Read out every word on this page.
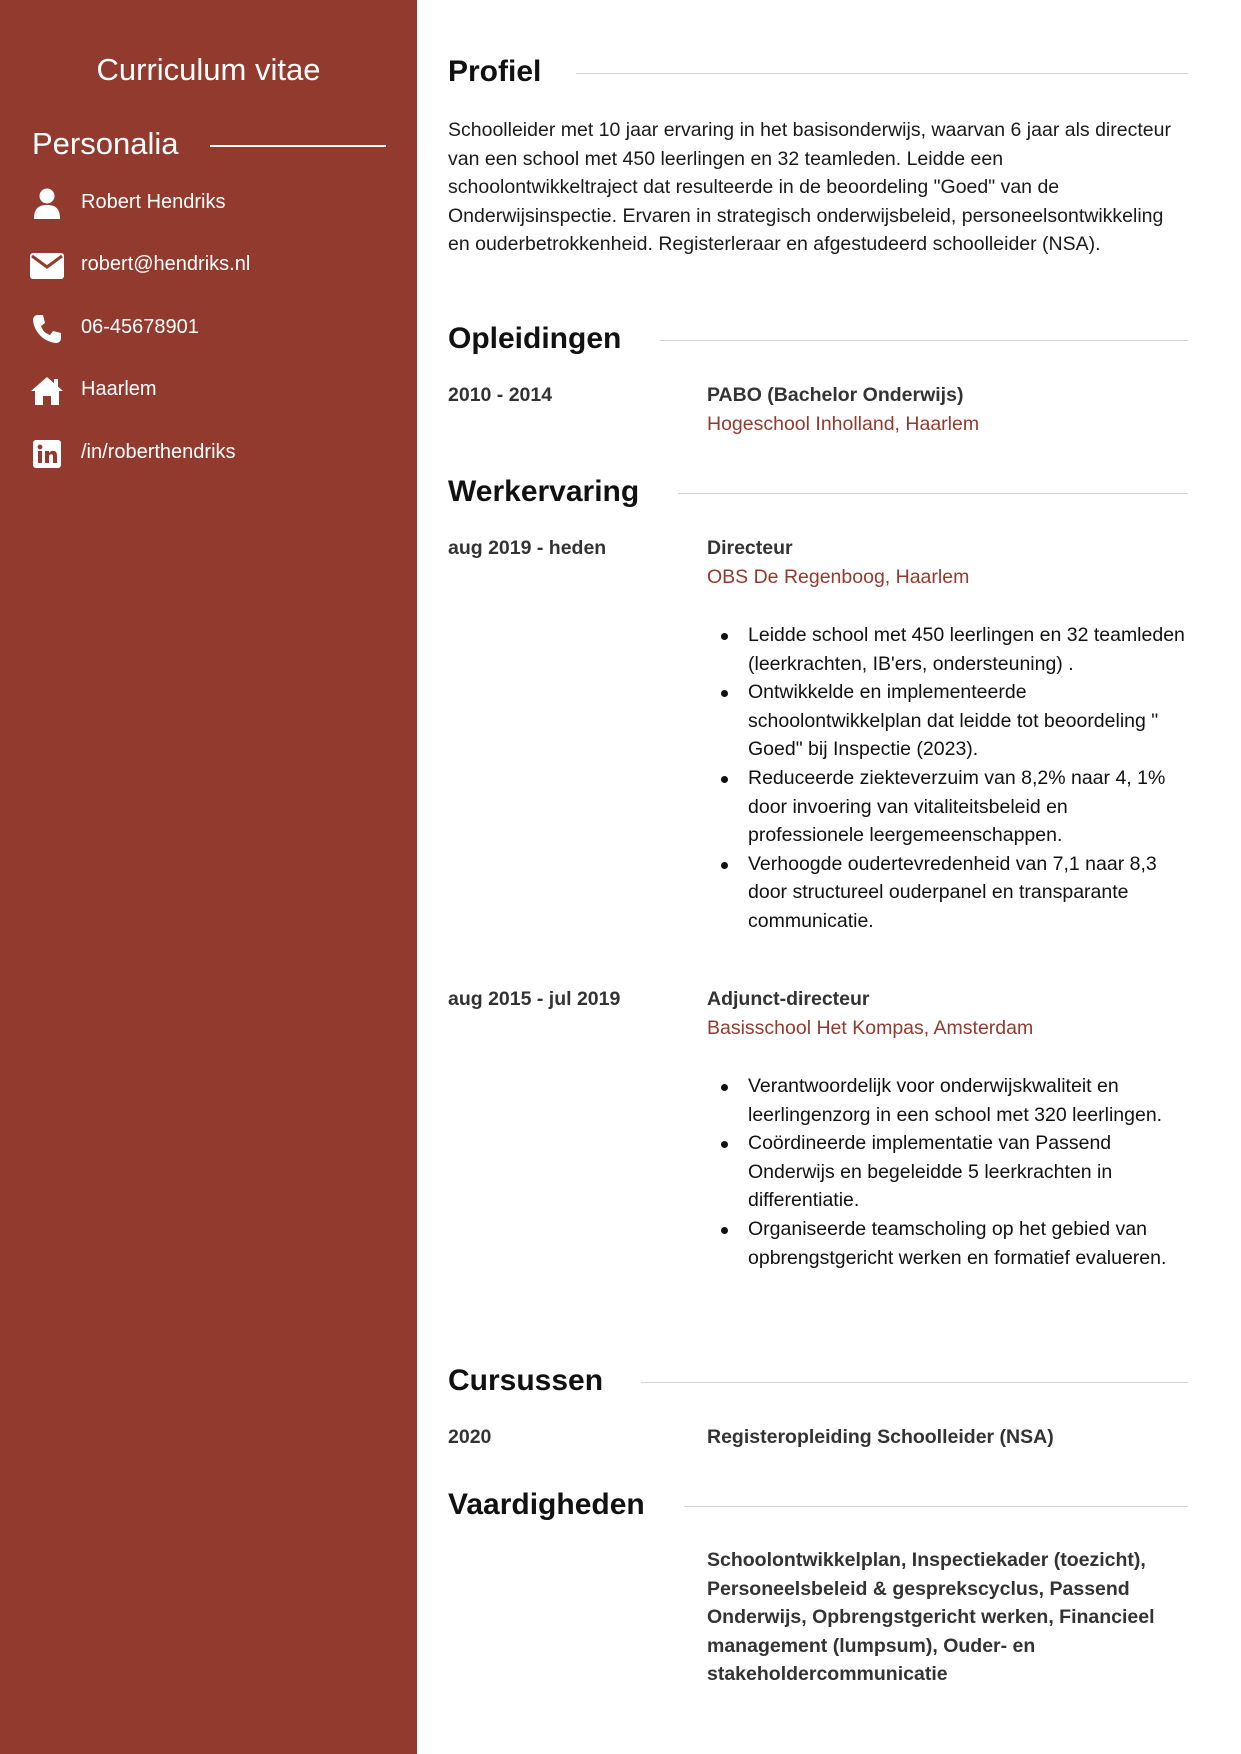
Curriculum vitae
Personalia
Robert Hendriks
robert@hendriks.nl
06-45678901
Haarlem
/in/roberthendriks
Profiel

Schoolleider met 10 jaar ervaring in het basisonderwijs, waarvan 6 jaar als directeur van een school met 450 leerlingen en 32 teamleden. Leidde een schoolontwikkeltraject dat resulteerde in de beoordeling "Goed" van de Onderwijsinspectie. Ervaren in strategisch onderwijsbeleid, personeelsontwikkeling en ouderbetrokkenheid. Registerleraar en afgestudeerd schoolleider (NSA).

Opleidingen
2010 - 2014	PABO (Bachelor Onderwijs)
Hogeschool Inholland, Haarlem
Werkervaring
aug 2019 - heden	Directeur
OBS De Regenboog, Haarlem
Leidde school met 450 leerlingen en 32 teamleden (leerkrachten, IB'ers, ondersteuning) .
Ontwikkelde en implementeerde schoolontwikkelplan dat leidde tot beoordeling " Goed" bij Inspectie (2023).
Reduceerde ziekteverzuim van 8,2% naar 4, 1% door invoering van vitaliteitsbeleid en professionele leergemeenschappen.
Verhoogde oudertevredenheid van 7,1 naar 8,3 door structureel ouderpanel en transparante communicatie.
aug 2015 - jul 2019	Adjunct-directeur
Basisschool Het Kompas, Amsterdam
Verantwoordelijk voor onderwijskwaliteit en leerlingenzorg in een school met 320 leerlingen.
Coördineerde implementatie van Passend Onderwijs en begeleidde 5 leerkrachten in differentiatie.
Organiseerde teamscholing op het gebied van opbrengstgericht werken en formatief evalueren.
Cursussen
2020	Registeropleiding Schoolleider (NSA)
Vaardigheden

Schoolontwikkelplan, Inspectiekader (toezicht), Personeelsbeleid & gesprekscyclus, Passend Onderwijs, Opbrengstgericht werken, Financieel management (lumpsum), Ouder- en stakeholdercommunicatie
